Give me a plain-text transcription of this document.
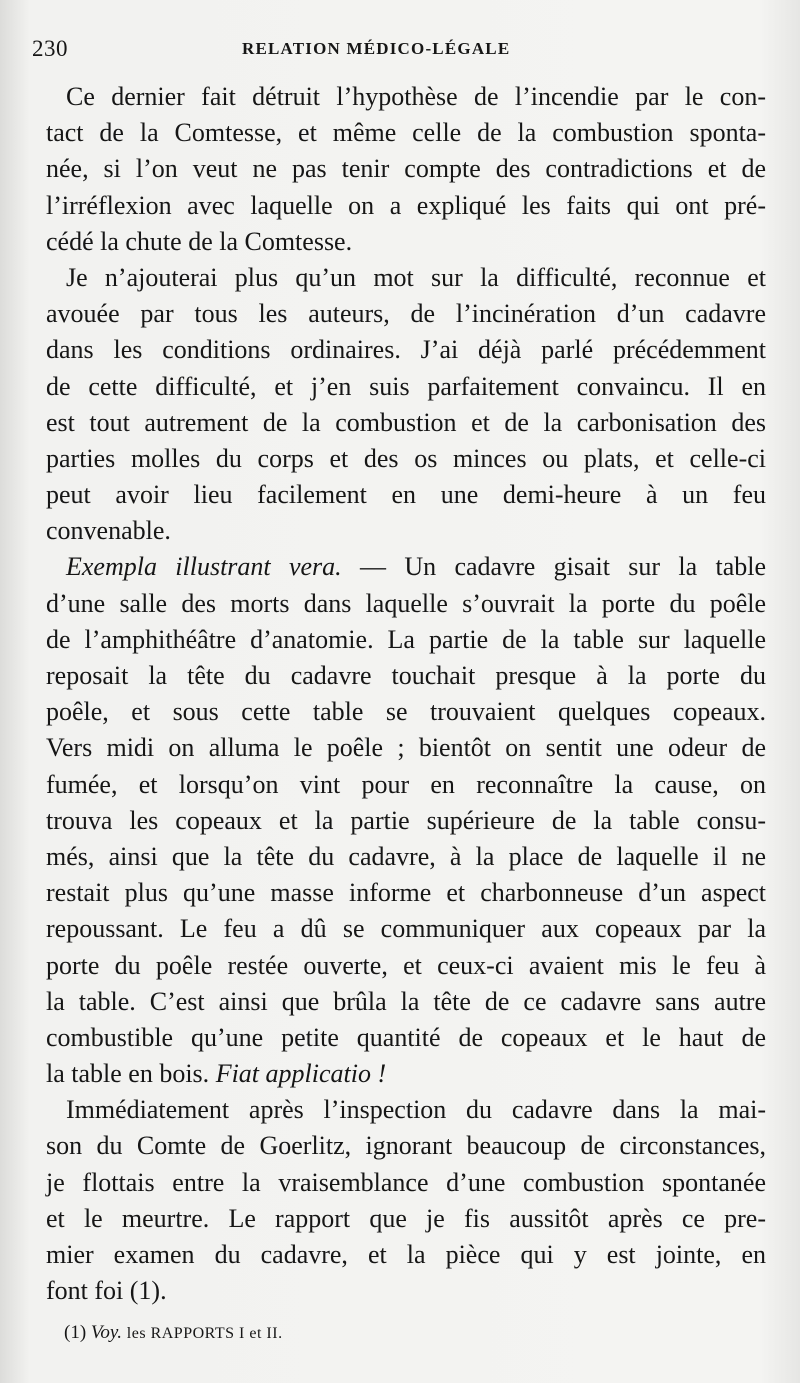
230	RELATION MÉDICO-LÉGALE
Ce dernier fait détruit l’hypothèse de l’incendie par le con-
tact de la Comtesse, et même celle de la combustion sponta-
née, si l’on veut ne pas tenir compte des contradictions et de
l’irréflexion avec laquelle on a expliqué les faits qui ont pré-
cédé la chute de la Comtesse.
Je n’ajouterai plus qu’un mot sur la difficulté, reconnue et
avouée par tous les auteurs, de l’incinération d’un cadavre
dans les conditions ordinaires. J’ai déjà parlé précédemment
de cette difficulté, et j’en suis parfaitement convaincu. Il en
est tout autrement de la combustion et de la carbonisation des
parties molles du corps et des os minces ou plats, et celle-ci
peut avoir lieu facilement en une demi-heure à un feu
convenable.
Exempla illustrant vera. — Un cadavre gisait sur la table
d’une salle des morts dans laquelle s’ouvrait la porte du poêle
de l’amphithéâtre d’anatomie. La partie de la table sur laquelle
reposait la tête du cadavre touchait presque à la porte du
poêle, et sous cette table se trouvaient quelques copeaux.
Vers midi on alluma le poêle ; bientôt on sentit une odeur de
fumée, et lorsqu’on vint pour en reconnaître la cause, on
trouva les copeaux et la partie supérieure de la table consu-
més, ainsi que la tête du cadavre, à la place de laquelle il ne
restait plus qu’une masse informe et charbonneuse d’un aspect
repoussant. Le feu a dû se communiquer aux copeaux par la
porte du poêle restée ouverte, et ceux-ci avaient mis le feu à
la table. C’est ainsi que brûla la tête de ce cadavre sans autre
combustible qu’une petite quantité de copeaux et le haut de
la table en bois. Fiat applicatio !
Immédiatement après l’inspection du cadavre dans la mai-
son du Comte de Goerlitz, ignorant beaucoup de circonstances,
je flottais entre la vraisemblance d’une combustion spontanée
et le meurtre. Le rapport que je fis aussitôt après ce pre-
mier examen du cadavre, et la pièce qui y est jointe, en
font foi (1).
(1) Voy. les RAPPORTS I et II.
